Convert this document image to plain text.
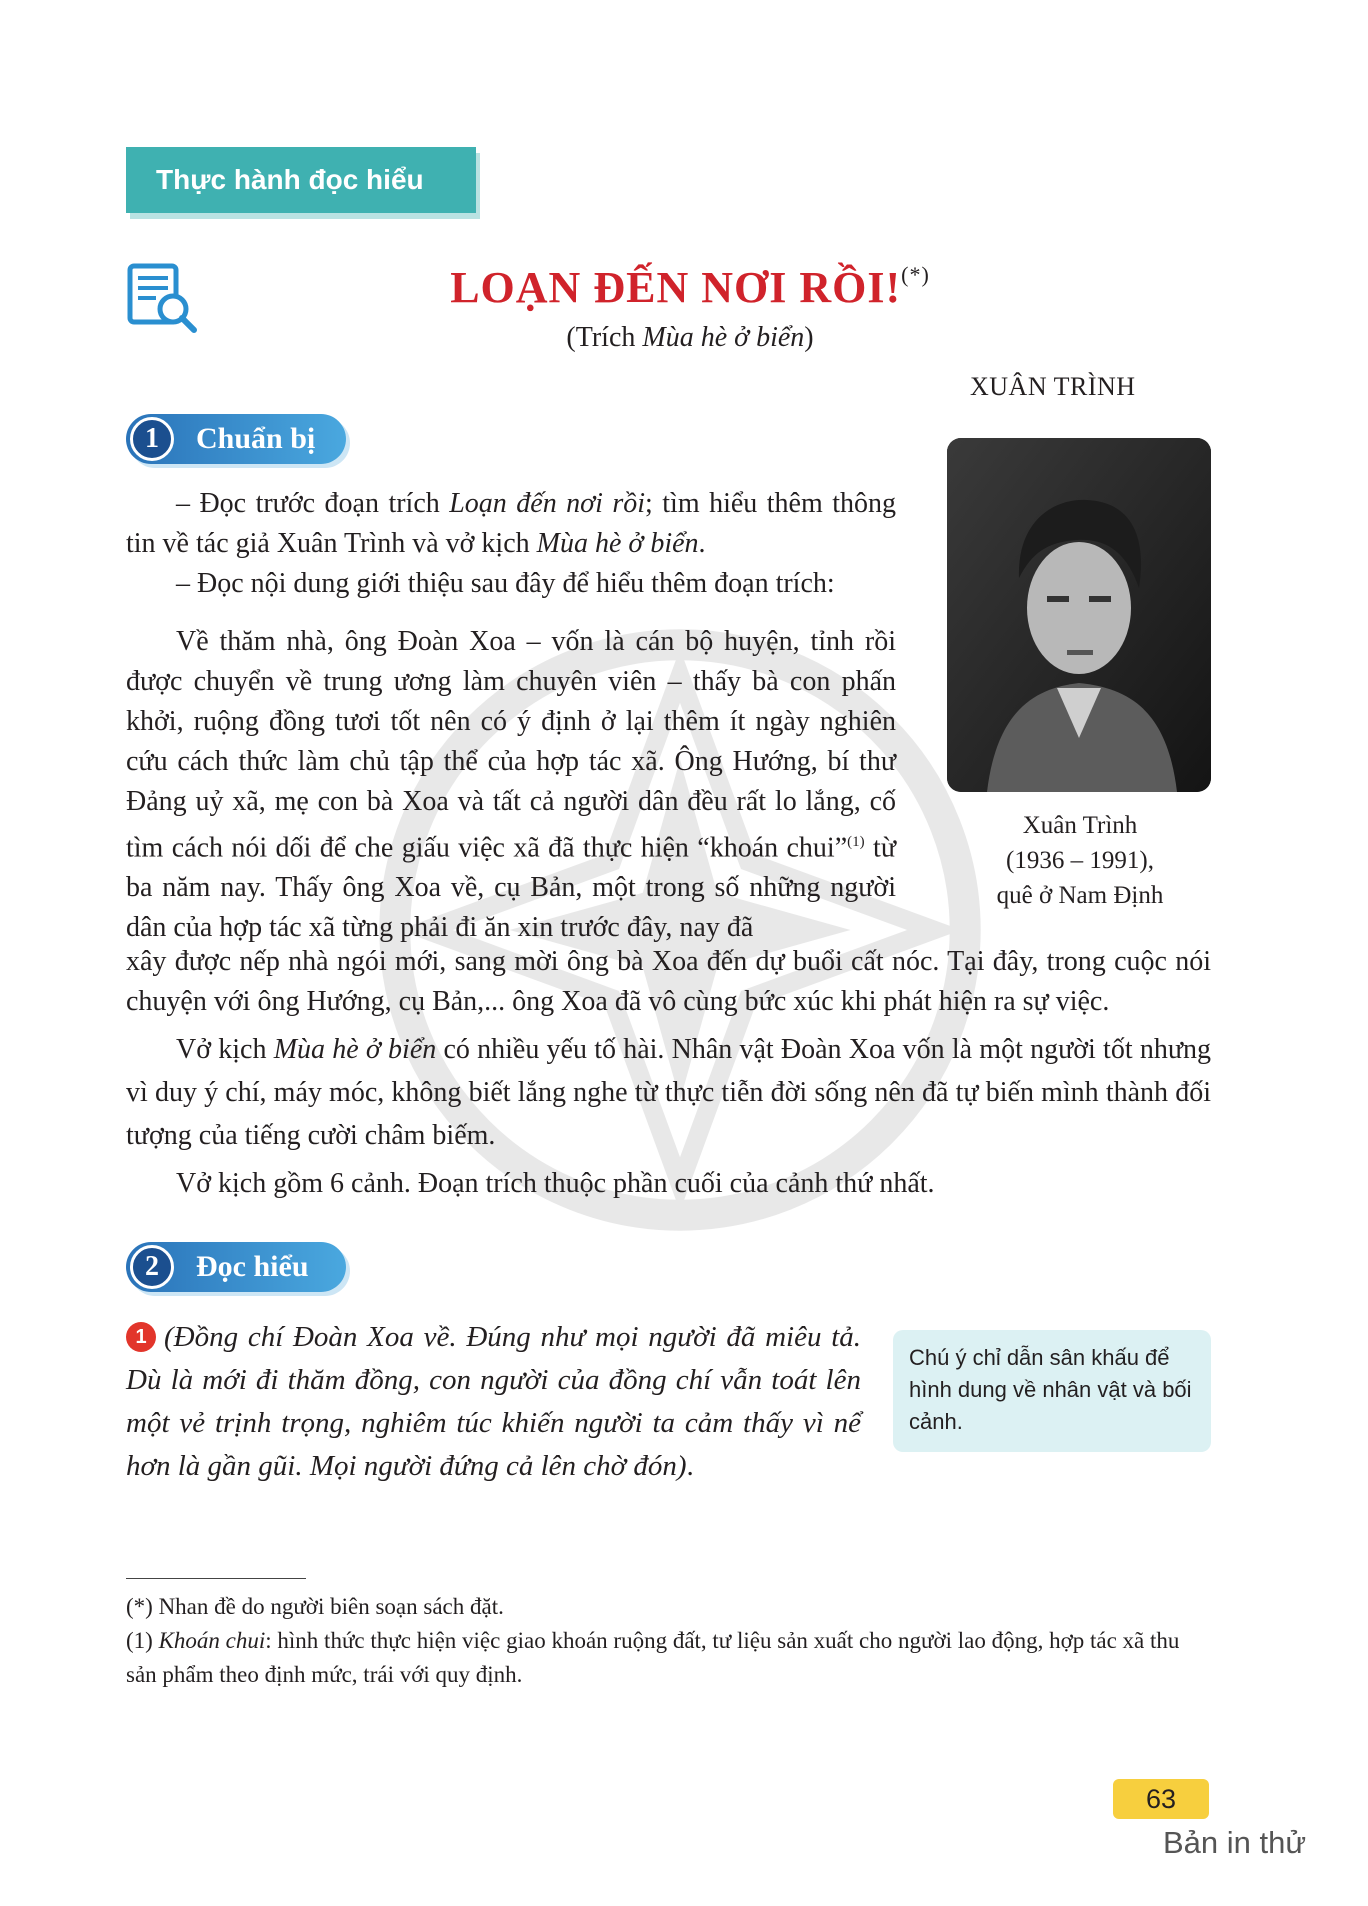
Thực hành đọc hiểu
LOẠN ĐẾN NƠI RỒI!(*)
(Trích Mùa hè ở biển)
XUÂN TRÌNH
1	Chuẩn bị
Xuân Trình
(1936 – 1991),
quê ở Nam Định

– Đọc trước đoạn trích Loạn đến nơi rồi; tìm hiểu thêm thông tin về tác giả Xuân Trình và vở kịch Mùa hè ở biển.

– Đọc nội dung giới thiệu sau đây để hiểu thêm đoạn trích:

Về thăm nhà, ông Đoàn Xoa – vốn là cán bộ huyện, tỉnh rồi được chuyển về trung ương làm chuyên viên – thấy bà con phấn khởi, ruộng đồng tươi tốt nên có ý định ở lại thêm ít ngày nghiên cứu cách thức làm chủ tập thể của hợp tác xã. Ông Hướng, bí thư Đảng uỷ xã, mẹ con bà Xoa và tất cả người dân đều rất lo lắng, cố tìm cách nói dối để che giấu việc xã đã thực hiện “khoán chui”$^{(1)}$ từ ba năm nay. Thấy ông Xoa về, cụ Bản, một trong số những người dân của hợp tác xã từng phải đi ăn xin trước đây, nay đã
xây được nếp nhà ngói mới, sang mời ông bà Xoa đến dự buổi cất nóc. Tại đây, trong cuộc nói chuyện với ông Hướng, cụ Bản,... ông Xoa đã vô cùng bức xúc khi phát hiện ra sự việc.
Vở kịch Mùa hè ở biển có nhiều yếu tố hài. Nhân vật Đoàn Xoa vốn là một người tốt nhưng vì duy ý chí, máy móc, không biết lắng nghe từ thực tiễn đời sống nên đã tự biến mình thành đối tượng của tiếng cười châm biếm.
Vở kịch gồm 6 cảnh. Đoạn trích thuộc phần cuối của cảnh thứ nhất.
2	Đọc hiểu
1 (Đồng chí Đoàn Xoa về. Đúng như mọi người đã miêu tả. Dù là mới đi thăm đồng, con người của đồng chí vẫn toát lên một vẻ trịnh trọng, nghiêm túc khiến người ta cảm thấy vì nể hơn là gần gũi. Mọi người đứng cả lên chờ đón).
Chú ý chỉ dẫn sân khấu để hình dung về nhân vật và bối cảnh.
(*) Nhan đề do người biên soạn sách đặt.
(1) Khoán chui: hình thức thực hiện việc giao khoán ruộng đất, tư liệu sản xuất cho người lao động, hợp tác xã thu sản phẩm theo định mức, trái với quy định.
63
Bản in thử
